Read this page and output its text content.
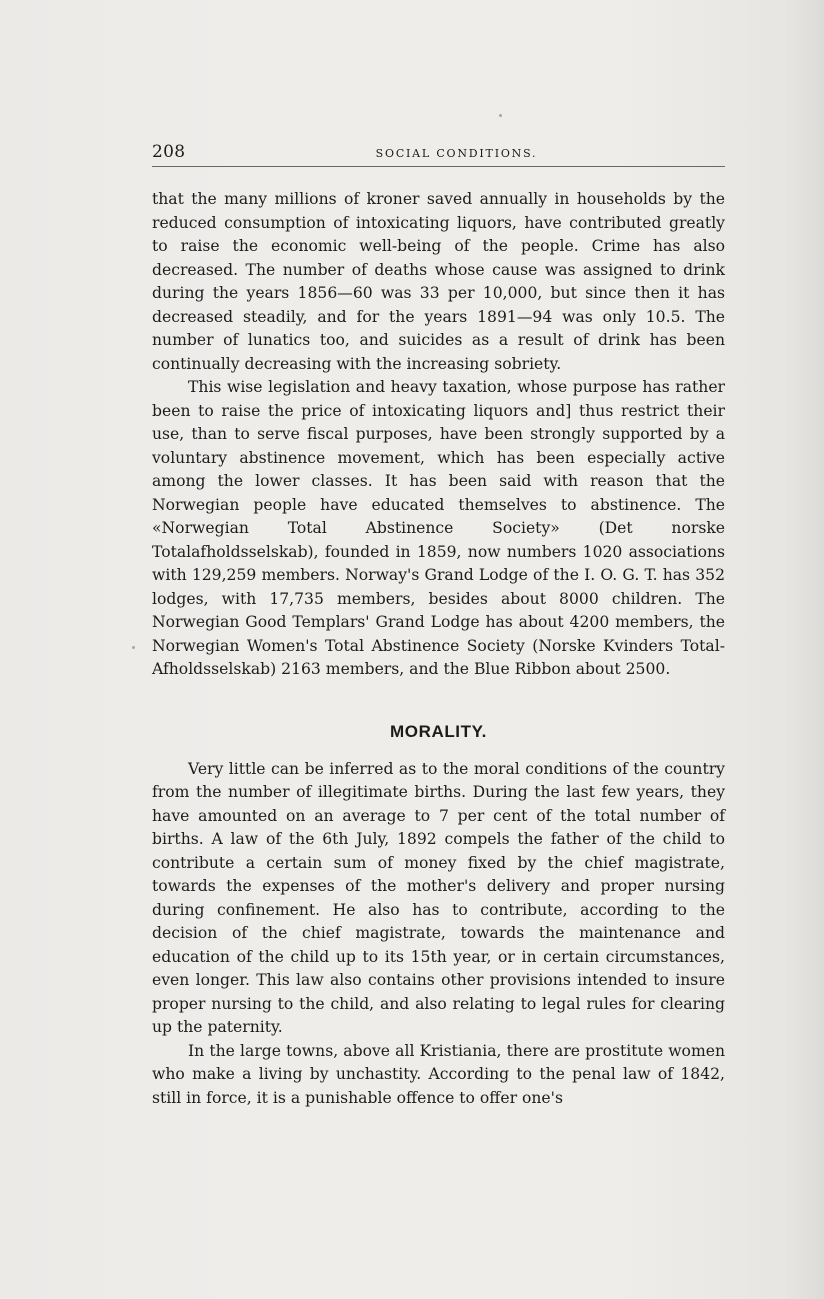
208	SOCIAL CONDITIONS.

that the many millions of kroner saved annually in households by the reduced consumption of intoxicating liquors, have contributed greatly to raise the economic well-being of the people. Crime has also decreased. The number of deaths whose cause was assigned to drink during the years 1856—60 was 33 per 10,000, but since then it has decreased steadily, and for the years 1891—94 was only 10.5. The number of lunatics too, and suicides as a result of drink has been continually decreasing with the increasing sobriety.

This wise legislation and heavy taxation, whose purpose has rather been to raise the price of intoxicating liquors and] thus restrict their use, than to serve fiscal purposes, have been strongly supported by a voluntary abstinence movement, which has been especially active among the lower classes. It has been said with reason that the Norwegian people have educated themselves to abstinence. The «Norwegian Total Abstinence Society» (Det norske Totalafholdsselskab), founded in 1859, now numbers 1020 associations with 129,259 members. Norway's Grand Lodge of the I. O. G. T. has 352 lodges, with 17,735 members, besides about 8000 children. The Norwegian Good Templars' Grand Lodge has about 4200 members, the Norwegian Women's Total Abstinence Society (Norske Kvinders Total-Afholdsselskab) 2163 members, and the Blue Ribbon about 2500.

MORALITY.

Very little can be inferred as to the moral conditions of the country from the number of illegitimate births. During the last few years, they have amounted on an average to 7 per cent of the total number of births. A law of the 6th July, 1892 compels the father of the child to contribute a certain sum of money fixed by the chief magistrate, towards the expenses of the mother's delivery and proper nursing during confinement. He also has to contribute, according to the decision of the chief magistrate, towards the maintenance and education of the child up to its 15th year, or in certain circumstances, even longer. This law also contains other provisions intended to insure proper nursing to the child, and also relating to legal rules for clearing up the paternity.

In the large towns, above all Kristiania, there are prostitute women who make a living by unchastity. According to the penal law of 1842, still in force, it is a punishable offence to offer one's
